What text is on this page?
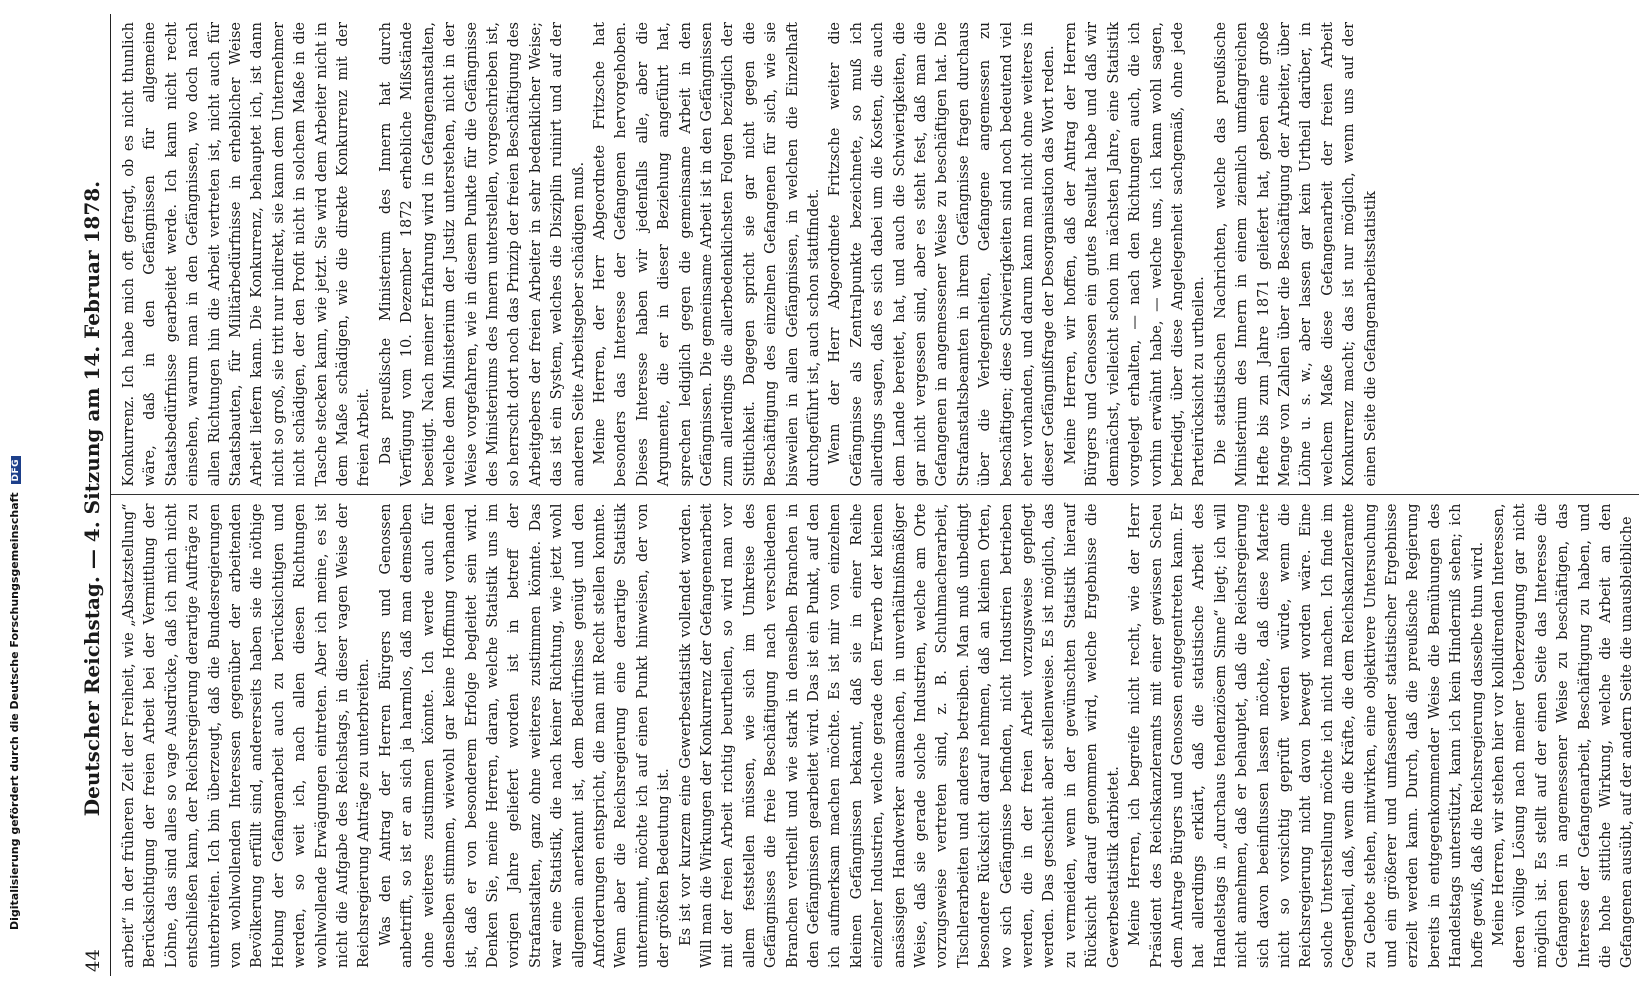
44
Deutscher Reichstag. — 4. Sitzung am 14. Februar 1878. arbeit“ in der früheren Zeit der Freiheit, wie „Absatzstellung“ Berücksichtigung der freien Arbeit bei der Vermittlung der Löhne, das sind alles so vage Ausdrücke, daß ich mich nicht entschließen kann, der Reichsregierung derartige Aufträge zu unterbreiten. Ich bin überzeugt, daß die Bundesregierungen von wohlwollenden Interessen gegenüber der arbeitenden Bevölkerung erfüllt sind, andererseits haben sie die nöthige Hebung der Gefangenarbeit auch zu berücksichtigen und werden, so weit ich, nach allen diesen Richtungen wohlwollende Erwägungen eintreten. Aber ich meine, es ist nicht die Aufgabe des Reichstags, in dieser vagen Weise der Reichsregierung Anträge zu unterbreiten. Was den Antrag der Herren Bürgers und Genossen anbetrifft, so ist er an sich ja harmlos, daß man demselben ohne weiteres zustimmen könnte. Ich werde auch für denselben stimmen, wiewohl gar keine Hoffnung vorhanden ist, daß er von besonderem Erfolge begleitet sein wird. Denken Sie, meine Herren, daran, welche Statistik uns im vorigen Jahre geliefert worden ist in betreff der Strafanstalten, ganz ohne weiteres zustimmen könnte. Das war eine Statistik, die nach keiner Richtung, wie jetzt wohl allgemein anerkannt ist, dem Bedürfnisse genügt und den Anforderungen entspricht, die man mit Recht stellen konnte. Wenn aber die Reichsregierung eine derartige Statistik unternimmt, möchte ich auf einen Punkt hinweisen, der von der größten Bedeutung ist. Es ist vor kurzem eine Gewerbestatistik vollendet worden. Will man die Wirkungen der Konkurrenz der Gefangenenarbeit mit der freien Arbeit richtig beurtheilen, so wird man vor allem feststellen müssen, wie sich im Umkreise des Gefängnisses die freie Beschäftigung nach verschiedenen Branchen vertheilt und wie stark in denselben Branchen in den Gefängnissen gearbeitet wird. Das ist ein Punkt, auf den ich aufmerksam machen möchte. Es ist mir von einzelnen kleinen Gefängnissen bekannt, daß sie in einer Reihe einzelner Industrien, welche gerade den Erwerb der kleinen ansässigen Handwerker ausmachen, in unverhältnißmäßiger Weise, daß sie gerade solche Industrien, welche am Orte vorzugsweise vertreten sind, z. B. Schuhmacherarbeit, Tischlerarbeiten und anderes betreiben. Man muß unbedingt besondere Rücksicht darauf nehmen, daß an kleinen Orten, wo sich Gefängnisse befinden, nicht Industrien betrieben werden, die in der freien Arbeit vorzugsweise gepflegt werden. Das geschieht aber stellenweise. Es ist möglich, das zu vermeiden, wenn in der gewünschten Statistik hierauf Rücksicht darauf genommen wird, welche Ergebnisse die Gewerbestatistik darbietet. Meine Herren, ich begreife nicht recht, wie der Herr Präsident des Reichskanzleramts mit einer gewissen Scheu dem Antrage Bürgers und Genossen entgegentreten kann. Er hat allerdings erklärt, daß die statistische Arbeit des Handelstags in „durchaus tendenziösem Sinne“ liegt; ich will nicht annehmen, daß er behauptet, daß die Reichsregierung sich davon beeinflussen lassen möchte, daß diese Materie nicht so vorsichtig geprüft werden würde, wenn die Reichsregierung nicht davon bewegt worden wäre. Eine solche Unterstellung möchte ich nicht machen. Ich finde im Gegentheil, daß, wenn die Kräfte, die dem Reichskanzleramte zu Gebote stehen, mitwirken, eine objektivere Untersuchung und ein größerer und umfassender statistischer Ergebnisse erzielt werden kann. Durch, daß die preußische Regierung bereits in entgegenkommender Weise die Bemühungen des Handelstags unterstützt, kann ich kein Hinderniß sehen; ich hoffe gewiß, daß die Reichsregierung dasselbe thun wird. Meine Herren, wir stehen hier vor kollidirenden Interessen, deren völlige Lösung nach meiner Ueberzeugung gar nicht möglich ist. Es stellt auf der einen Seite das Interesse die Gefangenen in angemessener Weise zu beschäftigen, das Interesse der Gefangenarbeit, Beschäftigung zu haben, und die hohe sittliche Wirkung, welche die Arbeit an den Gefangenen ausübt, auf der andern Seite die unausbleibliche

Konkurrenz. Ich habe mich oft gefragt, ob es nicht thunlich wäre, daß in den Gefängnissen für allgemeine Staatsbedürfnisse gearbeitet werde. Ich kann nicht recht einsehen, warum man in den Gefängnissen, wo doch nach allen Richtungen hin die Arbeit vertreten ist, nicht auch für Staatsbauten, für Militärbedürfnisse in erheblicher Weise Arbeit liefern kann. Die Konkurrenz, behauptet ich, ist dann nicht so groß, sie tritt nur indirekt, sie kann dem Unternehmer nicht schädigen, der den Profit nicht in solchem Maße in die Tasche stecken kann, wie jetzt. Sie wird dem Arbeiter nicht in dem Maße schädigen, wie die direkte Konkurrenz mit der freien Arbeit. Das preußische Ministerium des Innern hat durch Verfügung vom 10. Dezember 1872 erhebliche Mißstände beseitigt. Nach meiner Erfahrung wird in Gefangenanstalten, welche dem Ministerium der Justiz unterstehen, nicht in der Weise vorgefahren, wie in diesem Punkte für die Gefängnisse des Ministeriums des Innern unterstellen, vorgeschrieben ist, so herrscht dort noch das Prinzip der freien Beschäftigung des Arbeitgebers der freien Arbeiter in sehr bedenklicher Weise; das ist ein System, welches die Disziplin ruinirt und auf der anderen Seite Arbeitsgeber schädigen muß. Meine Herren, der Herr Abgeordnete Fritzsche hat besonders das Interesse der Gefangenen hervorgehoben. Dieses Interesse haben wir jedenfalls alle, aber die Argumente, die er in dieser Beziehung angeführt hat, sprechen lediglich gegen die gemeinsame Arbeit in den Gefängnissen. Die gemeinsame Arbeit ist in den Gefängnissen zum allerdings die allerbedenklichsten Folgen bezüglich der Sittlichkeit. Dagegen spricht sie gar nicht gegen die Beschäftigung des einzelnen Gefangenen für sich, wie sie bisweilen in allen Gefängnissen, in welchen die Einzelhaft durchgeführt ist, auch schon stattfindet. Wenn der Herr Abgeordnete Fritzsche weiter die Gefängnisse als Zentralpunkte bezeichnete, so muß ich allerdings sagen, daß es sich dabei um die Kosten, die auch dem Lande bereitet, hat, und auch die Schwierigkeiten, die gar nicht vergessen sind, aber es steht fest, daß man die Gefangenen in angemessener Weise zu beschäftigen hat. Die Strafanstaltsbeamten in ihrem Gefängnisse fragen durchaus über die Verlegenheiten, Gefangene angemessen zu beschäftigen; diese Schwierigkeiten sind noch bedeutend viel eher vorhanden, und darum kann man nicht ohne weiteres in dieser Gefängnißfrage der Desorganisation das Wort reden. Meine Herren, wir hoffen, daß der Antrag der Herren Bürgers und Genossen ein gutes Resultat habe und daß wir demnächst, vielleicht schon im nächsten Jahre, eine Statistik vorgelegt erhalten, — nach den Richtungen auch, die ich vorhin erwähnt habe, — welche uns, ich kann wohl sagen, befriedigt, über diese Angelegenheit sachgemäß, ohne jede Parteirücksicht zu urtheilen. Die statistischen Nachrichten, welche das preußische Ministerium des Innern in einem ziemlich umfangreichen Hefte bis zum Jahre 1871 geliefert hat, geben eine große Menge von Zahlen über die Beschäftigung der Arbeiter, über Löhne u. s. w., aber lassen gar kein Urtheil darüber, in welchem Maße diese Gefangenarbeit der freien Arbeit Konkurrenz macht; das ist nur möglich, wenn uns auf der einen Seite die Gefangenarbeitsstatistik

Digitalisierung gefördert durch die Deutsche Forschungsgemeinschaft DFG
